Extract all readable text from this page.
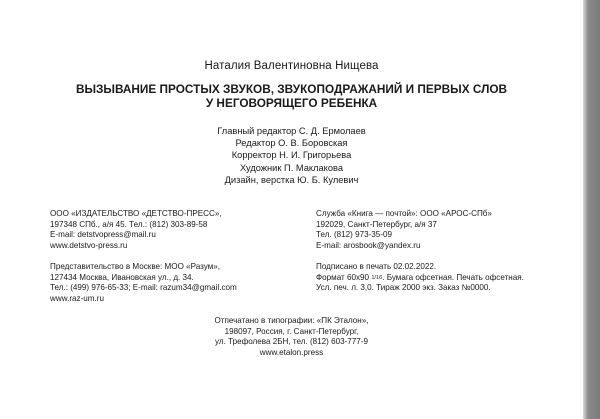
Наталия Валентиновна Нищева
ВЫЗЫВАНИЕ ПРОСТЫХ ЗВУКОВ, ЗВУКОПОДРАЖАНИЙ И ПЕРВЫХ СЛОВ
У НЕГОВОРЯЩЕГО РЕБЕНКА
Главный редактор С. Д. Ермолаев
Редактор О. В. Боровская
Корректор Н. И. Григорьева
Художник П. Маклакова
Дизайн, верстка Ю. Б. Кулевич
ООО «ИЗДАТЕЛЬСТВО «ДЕТСТВО-ПРЕСС»,
197348 СПб., а/я 45. Тел.: (812) 303-89-58
E-mail: detstvopress@mail.ru
www.detstvo-press.ru
Представительство в Москве: МОО «Разум»,
127434 Москва, Ивановская ул., д. 34.
Тел.: (499) 976-65-33; E-mail: razum34@gmail.com
www.raz-um.ru
Служба «Книга — почтой»: ООО «АРОС-СПб»
192029, Санкт-Петербург, а/я 37
Тел. (812) 973-35-09
E-mail: arosbook@yandex.ru
Подписано в печать 02.02.2022.
Формат 60х90 1/16. Бумага офсетная. Печать офсетная.
Усл. печ. л. 3,0. Тираж 2000 экз. Заказ №0000.
Отпечатано в типографии: «ПК Эталон»,
198097, Россия, г. Санкт-Петербург,
ул. Трефолева 2БН, тел. (812) 603-777-9
www.etalon.press
